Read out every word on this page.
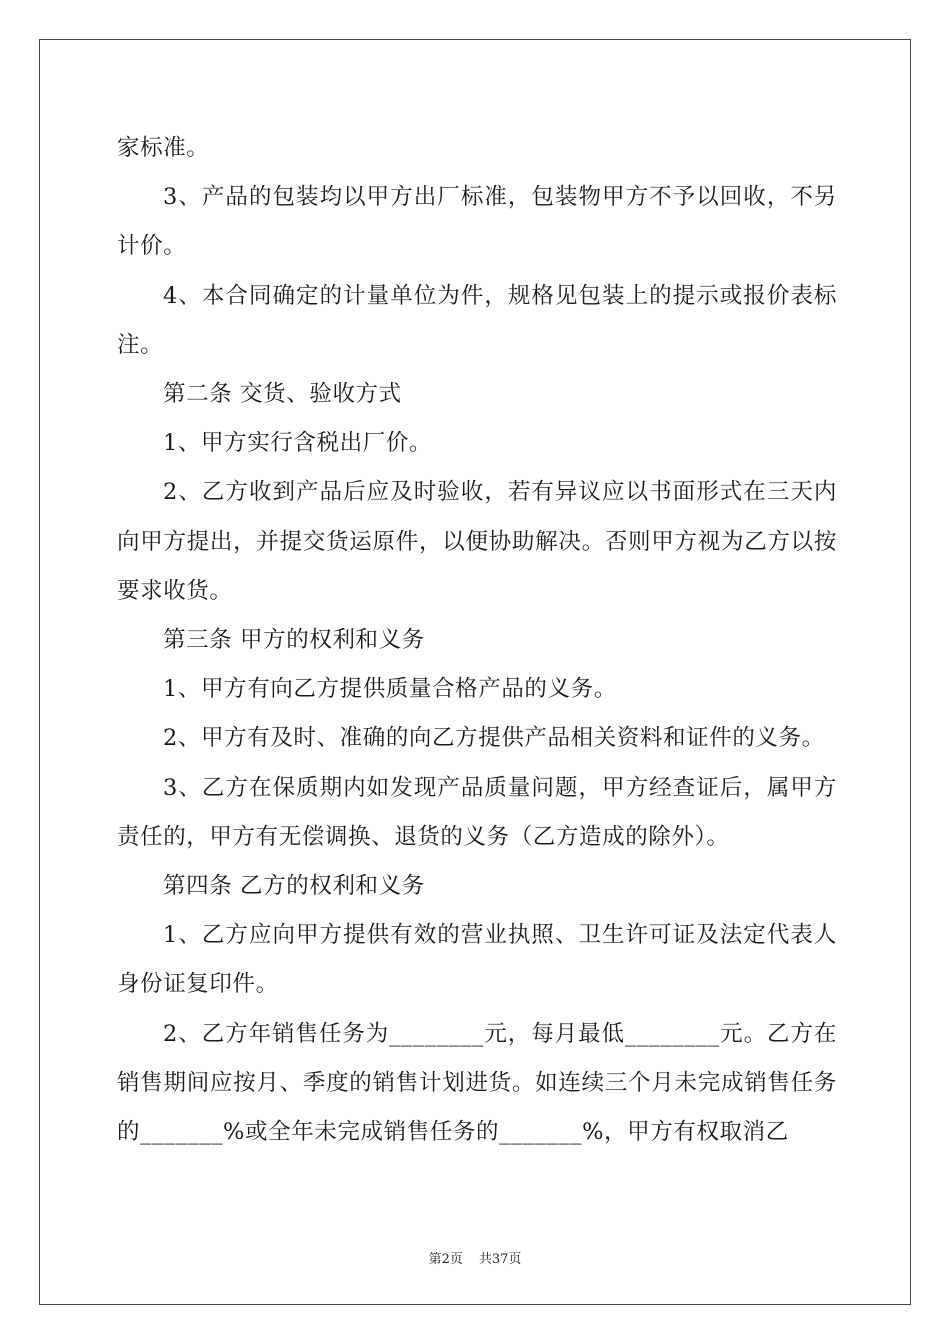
家标准。

3、产品的包装均以甲方出厂标准，包装物甲方不予以回收，不另计价。

4、本合同确定的计量单位为件，规格见包装上的提示或报价表标注。

第二条 交货、验收方式

1、甲方实行含税出厂价。

2、乙方收到产品后应及时验收，若有异议应以书面形式在三天内向甲方提出，并提交货运原件，以便协助解决。否则甲方视为乙方以按要求收货。

第三条 甲方的权利和义务

1、甲方有向乙方提供质量合格产品的义务。

2、甲方有及时、准确的向乙方提供产品相关资料和证件的义务。

3、乙方在保质期内如发现产品质量问题，甲方经查证后，属甲方责任的，甲方有无偿调换、退货的义务（乙方造成的除外）。

第四条 乙方的权利和义务

1、乙方应向甲方提供有效的营业执照、卫生许可证及法定代表人身份证复印件。

2、乙方年销售任务为________元，每月最低________元。乙方在销售期间应按月、季度的销售计划进货。如连续三个月未完成销售任务的_______%或全年未完成销售任务的_______%，甲方有权取消乙

第2页 共37页
